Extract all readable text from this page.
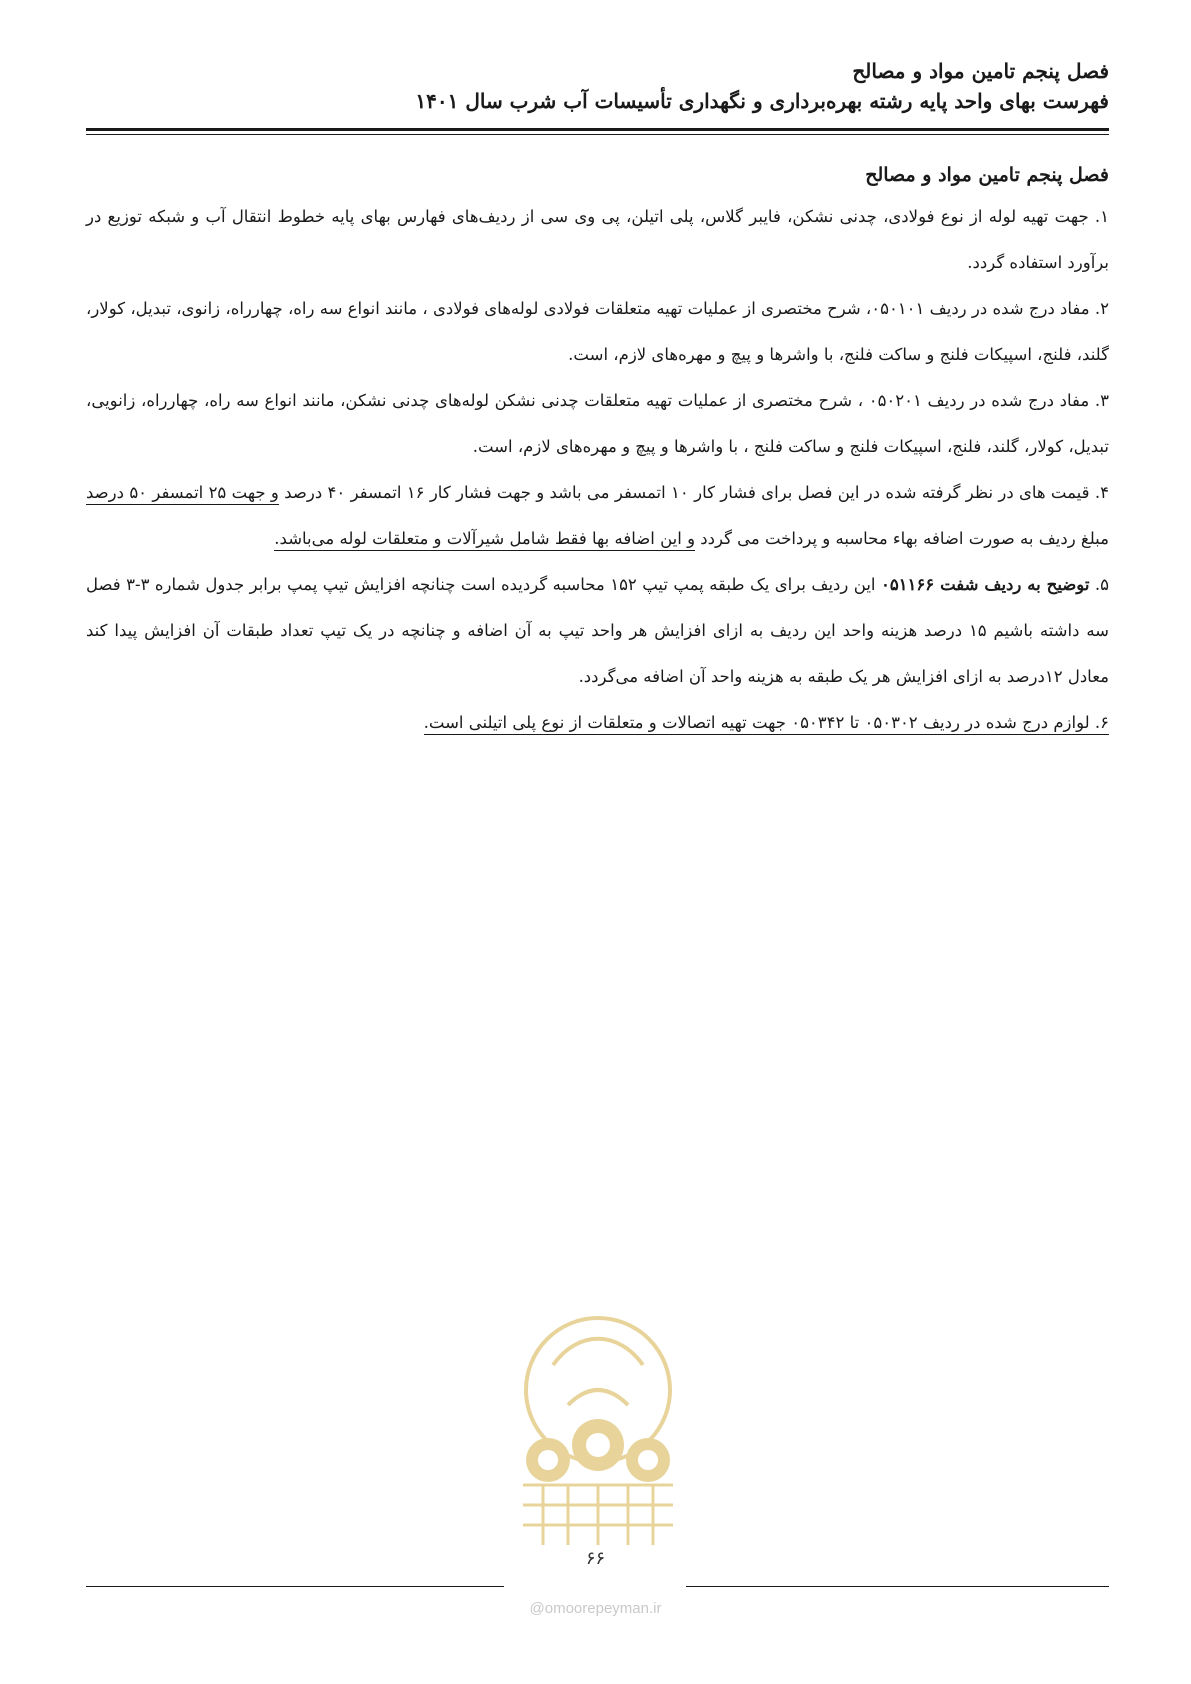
فصل پنجم تامین مواد و مصالح
فهرست بهای واحد پایه رشته بهره‌برداری و نگهداری تأسیسات آب شرب سال ۱۴۰۱
فصل پنجم تامین مواد و مصالح

۱. جهت تهیه لوله از نوع فولادی، چدنی نشکن، فایبر گلاس، پلی اتیلن، پی وی سی از ردیف‌های فهارس بهای پایه خطوط انتقال آب و شبکه توزیع در برآورد استفاده گردد.

۲. مفاد درج شده در ردیف ۰۵۰۱۰۱، شرح مختصری از عملیات تهیه متعلقات فولادی لوله‌های فولادی ، مانند انواع سه راه، چهارراه، زانوی، تبدیل، کولار، گلند، فلنج، اسپیکات فلنج و ساکت فلنج، با واشرها و پیچ و مهره‌های لازم، است.

۳. مفاد درج شده در ردیف ۰۵۰۲۰۱ ، شرح مختصری از عملیات تهیه متعلقات چدنی نشکن لوله‌های چدنی نشکن، مانند انواع سه راه، چهارراه، زانویی، تبدیل، کولار، گلند، فلنج، اسپیکات فلنج و ساکت فلنج ، با واشرها و پیچ و مهره‌های لازم، است.

۴. قیمت های در نظر گرفته شده در این فصل برای فشار کار ۱۰ اتمسفر می باشد و جهت فشار کار ۱۶ اتمسفر ۴۰ درصد و جهت ۲۵ اتمسفر ۵۰ درصد مبلغ ردیف به صورت اضافه بهاء محاسبه و پرداخت می گردد و این اضافه بها فقط شامل شیرآلات و متعلقات لوله می‌باشد.

۵. توضیح به ردیف شفت ۰۵۱۱۶۶ این ردیف برای یک طبقه پمپ تیپ ۱۵۲ محاسبه گردیده است چنانچه افزایش تیپ پمپ برابر جدول شماره ۳-۳ فصل سه داشته باشیم ۱۵ درصد هزینه واحد این ردیف به ازای افزایش هر واحد تیپ به آن اضافه و چنانچه در یک تیپ تعداد طبقات آن افزایش پیدا کند معادل ۱۲درصد به ازای افزایش هر یک طبقه به هزینه واحد آن اضافه می‌گردد.

۶. لوازم درج شده در ردیف ۰۵۰۳۰۲ تا ۰۵۰۳۴۲ جهت تهیه اتصالات و متعلقات از نوع پلی اتیلنی است.

۶۶
@omoorepeyman.ir
